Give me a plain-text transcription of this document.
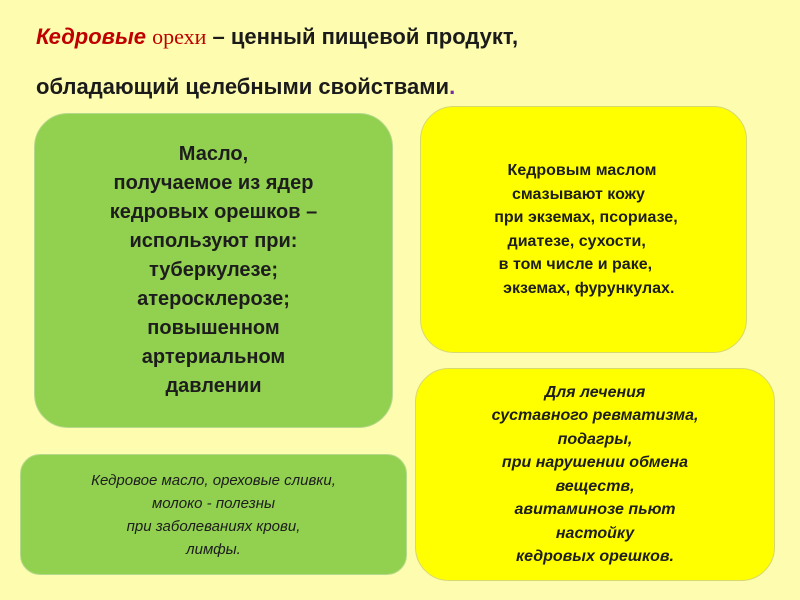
Кедровые орехи – ценный пищевой продукт,
обладающий целебными свойствами.
Масло,
получаемое из ядер
кедровых орешков –
используют при:
туберкулезе;
атеросклерозе;
повышенном
артериальном
давлении
Кедровым маслом
смазывают кожу
при экземах, псориазе,
диатезе, сухости,
в том числе и раке,
экземах, фурункулах.
Для лечения
суставного ревматизма,
подагры,
при нарушении обмена
веществ,
авитаминозе пьют
настойку
кедровых орешков.
Кедровое масло, ореховые сливки,
молоко - полезны
при заболеваниях крови,
лимфы.
